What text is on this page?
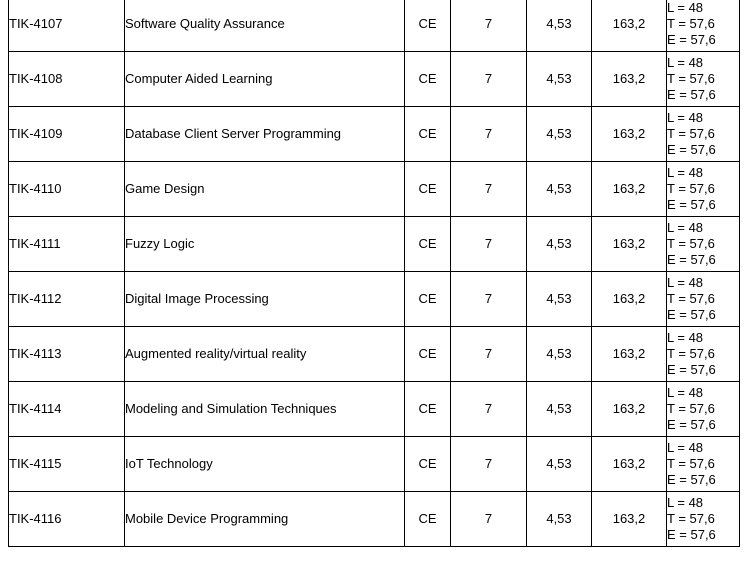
TIK-4107	Software Quality Assurance	CE	7	4,53	163,2	L = 48
T = 57,6
E = 57,6

TIK-4108	Computer Aided Learning	CE	7	4,53	163,2	L = 48
T = 57,6
E = 57,6

TIK-4109	Database Client Server Programming	CE	7	4,53	163,2	L = 48
T = 57,6
E = 57,6

TIK-4110	Game Design	CE	7	4,53	163,2	L = 48
T = 57,6
E = 57,6

TIK-4111	Fuzzy Logic	CE	7	4,53	163,2	L = 48
T = 57,6
E = 57,6

TIK-4112	Digital Image Processing	CE	7	4,53	163,2	L = 48
T = 57,6
E = 57,6

TIK-4113	Augmented reality/virtual reality	CE	7	4,53	163,2	L = 48
T = 57,6
E = 57,6

TIK-4114	Modeling and Simulation Techniques	CE	7	4,53	163,2	L = 48
T = 57,6
E = 57,6

TIK-4115	IoT Technology	CE	7	4,53	163,2	L = 48
T = 57,6
E = 57,6

TIK-4116	Mobile Device Programming	CE	7	4,53	163,2	L = 48
T = 57,6
E = 57,6
